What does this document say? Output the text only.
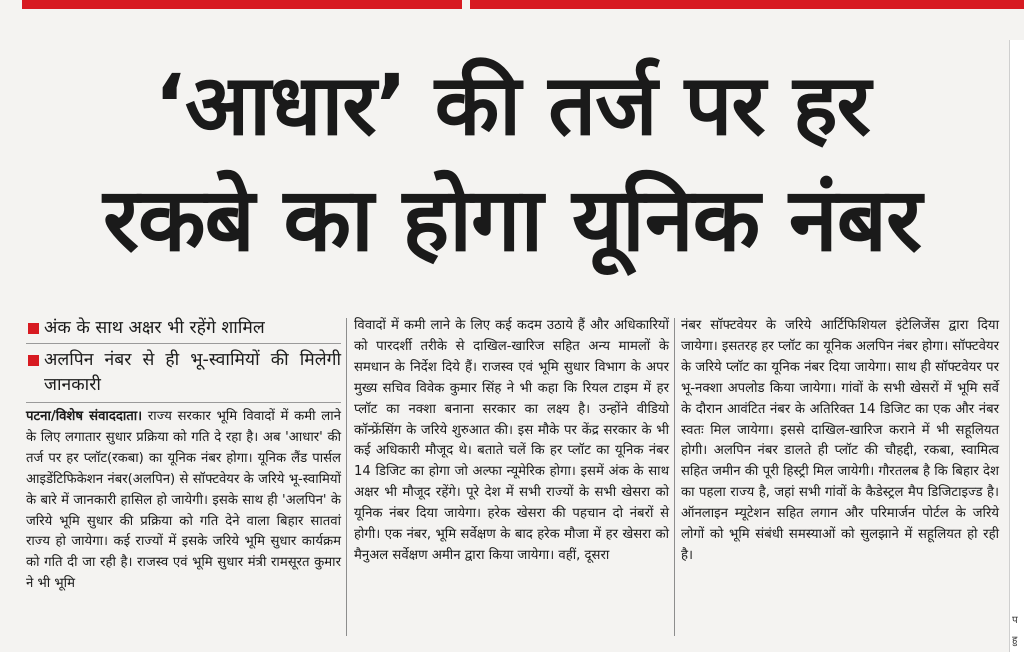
‘आधार’ की तर्ज पर हर
रकबे का होगा यूनिक नंबर
अंक के साथ अक्षर भी रहेंगे शामिल
अलपिन नंबर से ही भू-स्वामियों की मिलेगी जानकारी

पटना/विशेष संवाददाता। राज्य सरकार भूमि विवादों में कमी लाने के लिए लगातार सुधार प्रक्रिया को गति दे रहा है। अब 'आधार' की तर्ज पर हर प्लॉट(रकबा) का यूनिक नंबर होगा। यूनिक लैंड पार्सल आइडेंटिफिकेशन नंबर(अलपिन) से सॉफ्टवेयर के जरिये भू-स्वामियों के बारे में जानकारी हासिल हो जायेगी। इसके साथ ही 'अलपिन' के जरिये भूमि सुधार की प्रक्रिया को गति देने वाला बिहार सातवां राज्य हो जायेगा। कई राज्यों में इसके जरिये भूमि सुधार कार्यक्रम को गति दी जा रही है। राजस्व एवं भूमि सुधार मंत्री रामसूरत कुमार ने भी भूमि

विवादों में कमी लाने के लिए कई कदम उठाये हैं और अधिकारियों को पारदर्शी तरीके से दाखिल-खारिज सहित अन्य मामलों के समधान के निर्देश दिये हैं। राजस्व एवं भूमि सुधार विभाग के अपर मुख्य सचिव विवेक कुमार सिंह ने भी कहा कि रियल टाइम में हर प्लॉट का नक्शा बनाना सरकार का लक्ष्य है। उन्होंने वीडियो कॉन्फ्रेंसिंग के जरिये शुरुआत की। इस मौके पर केंद्र सरकार के भी कई अधिकारी मौजूद थे। बताते चलें कि हर प्लॉट का यूनिक नंबर 14 डिजिट का होगा जो अल्फा न्यूमेरिक होगा। इसमें अंक के साथ अक्षर भी मौजूद रहेंगे। पूरे देश में सभी राज्यों के सभी खेसरा को यूनिक नंबर दिया जायेगा। हरेक खेसरा की पहचान दो नंबरों से होगी। एक नंबर, भूमि सर्वेक्षण के बाद हरेक मौजा में हर खेसरा को मैनुअल सर्वेक्षण अमीन द्वारा किया जायेगा। वहीं, दूसरा

नंबर सॉफ्टवेयर के जरिये आर्टिफिशियल इंटेलिजेंस द्वारा दिया जायेगा। इसतरह हर प्लॉट का यूनिक अलपिन नंबर होगा। सॉफ्टवेयर के जरिये प्लॉट का यूनिक नंबर दिया जायेगा। साथ ही सॉफ्टवेयर पर भू-नक्शा अपलोड किया जायेगा। गांवों के सभी खेसरों में भूमि सर्वे के दौरान आवंटित नंबर के अतिरिक्त 14 डिजिट का एक और नंबर स्वतः मिल जायेगा। इससे दाखिल-खारिज कराने में भी सहूलियत होगी। अलपिन नंबर डालते ही प्लॉट की चौहद्दी, रकबा, स्वामित्व सहित जमीन की पूरी हिस्ट्री मिल जायेगी। गौरतलब है कि बिहार देश का पहला राज्य है, जहां सभी गांवों के कैडेस्ट्रल मैप डिजिटाइज्ड है। ऑनलाइन म्यूटेशन सहित लगान और परिमार्जन पोर्टल के जरिये लोगों को भूमि संबंधी समस्याओं को सुलझाने में सहूलियत हो रही है।

प
हु
